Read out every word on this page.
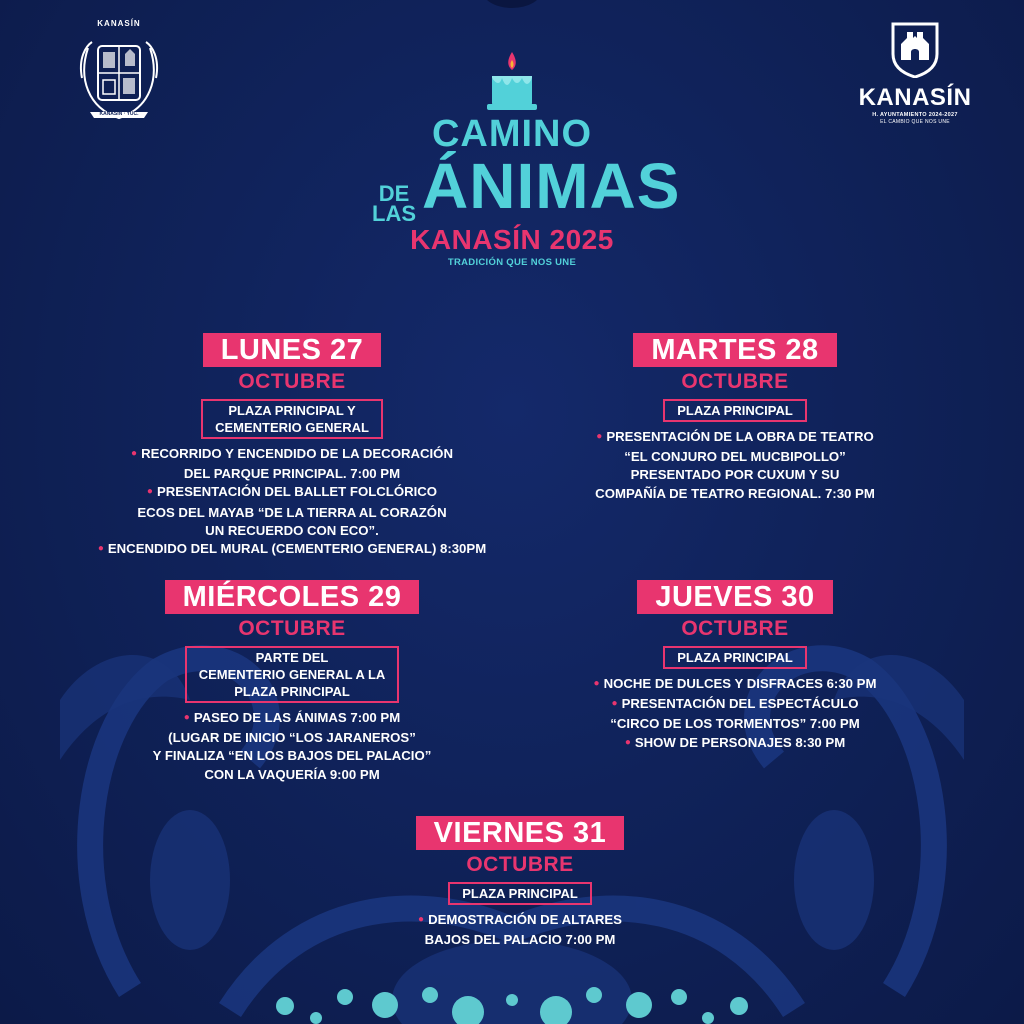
KANASÍN
KANASÍN · YUC.
KANASÍN
H. AYUNTAMIENTO 2024-2027
EL CAMBIO QUE NOS UNE
CAMINO
DE
LAS ÁNIMAS
KANASÍN 2025
TRADICIÓN QUE NOS UNE
LUNES 27
OCTUBRE
PLAZA PRINCIPAL Y
CEMENTERIO GENERAL
● RECORRIDO Y ENCENDIDO DE LA DECORACIÓN
DEL PARQUE PRINCIPAL. 7:00 PM
● PRESENTACIÓN DEL BALLET FOLCLÓRICO
ECOS DEL MAYAB “DE LA TIERRA AL CORAZÓN
UN RECUERDO CON ECO”.
● ENCENDIDO DEL MURAL (CEMENTERIO GENERAL) 8:30PM
MARTES 28
OCTUBRE
PLAZA PRINCIPAL
● PRESENTACIÓN DE LA OBRA DE TEATRO
“EL CONJURO DEL MUCBIPOLLO”
PRESENTADO POR CUXUM Y SU
COMPAÑÍA DE TEATRO REGIONAL. 7:30 PM
MIÉRCOLES 29
OCTUBRE
PARTE DEL
CEMENTERIO GENERAL A LA
PLAZA PRINCIPAL
● PASEO DE LAS ÁNIMAS 7:00 PM
(LUGAR DE INICIO “LOS JARANEROS”
Y FINALIZA “EN LOS BAJOS DEL PALACIO”
CON LA VAQUERÍA 9:00 PM
JUEVES 30
OCTUBRE
PLAZA PRINCIPAL
● NOCHE DE DULCES Y DISFRACES 6:30 PM
● PRESENTACIÓN DEL ESPECTÁCULO
“CIRCO DE LOS TORMENTOS” 7:00 PM
● SHOW DE PERSONAJES 8:30 PM
VIERNES 31
OCTUBRE
PLAZA PRINCIPAL
● DEMOSTRACIÓN DE ALTARES
BAJOS DEL PALACIO 7:00 PM
